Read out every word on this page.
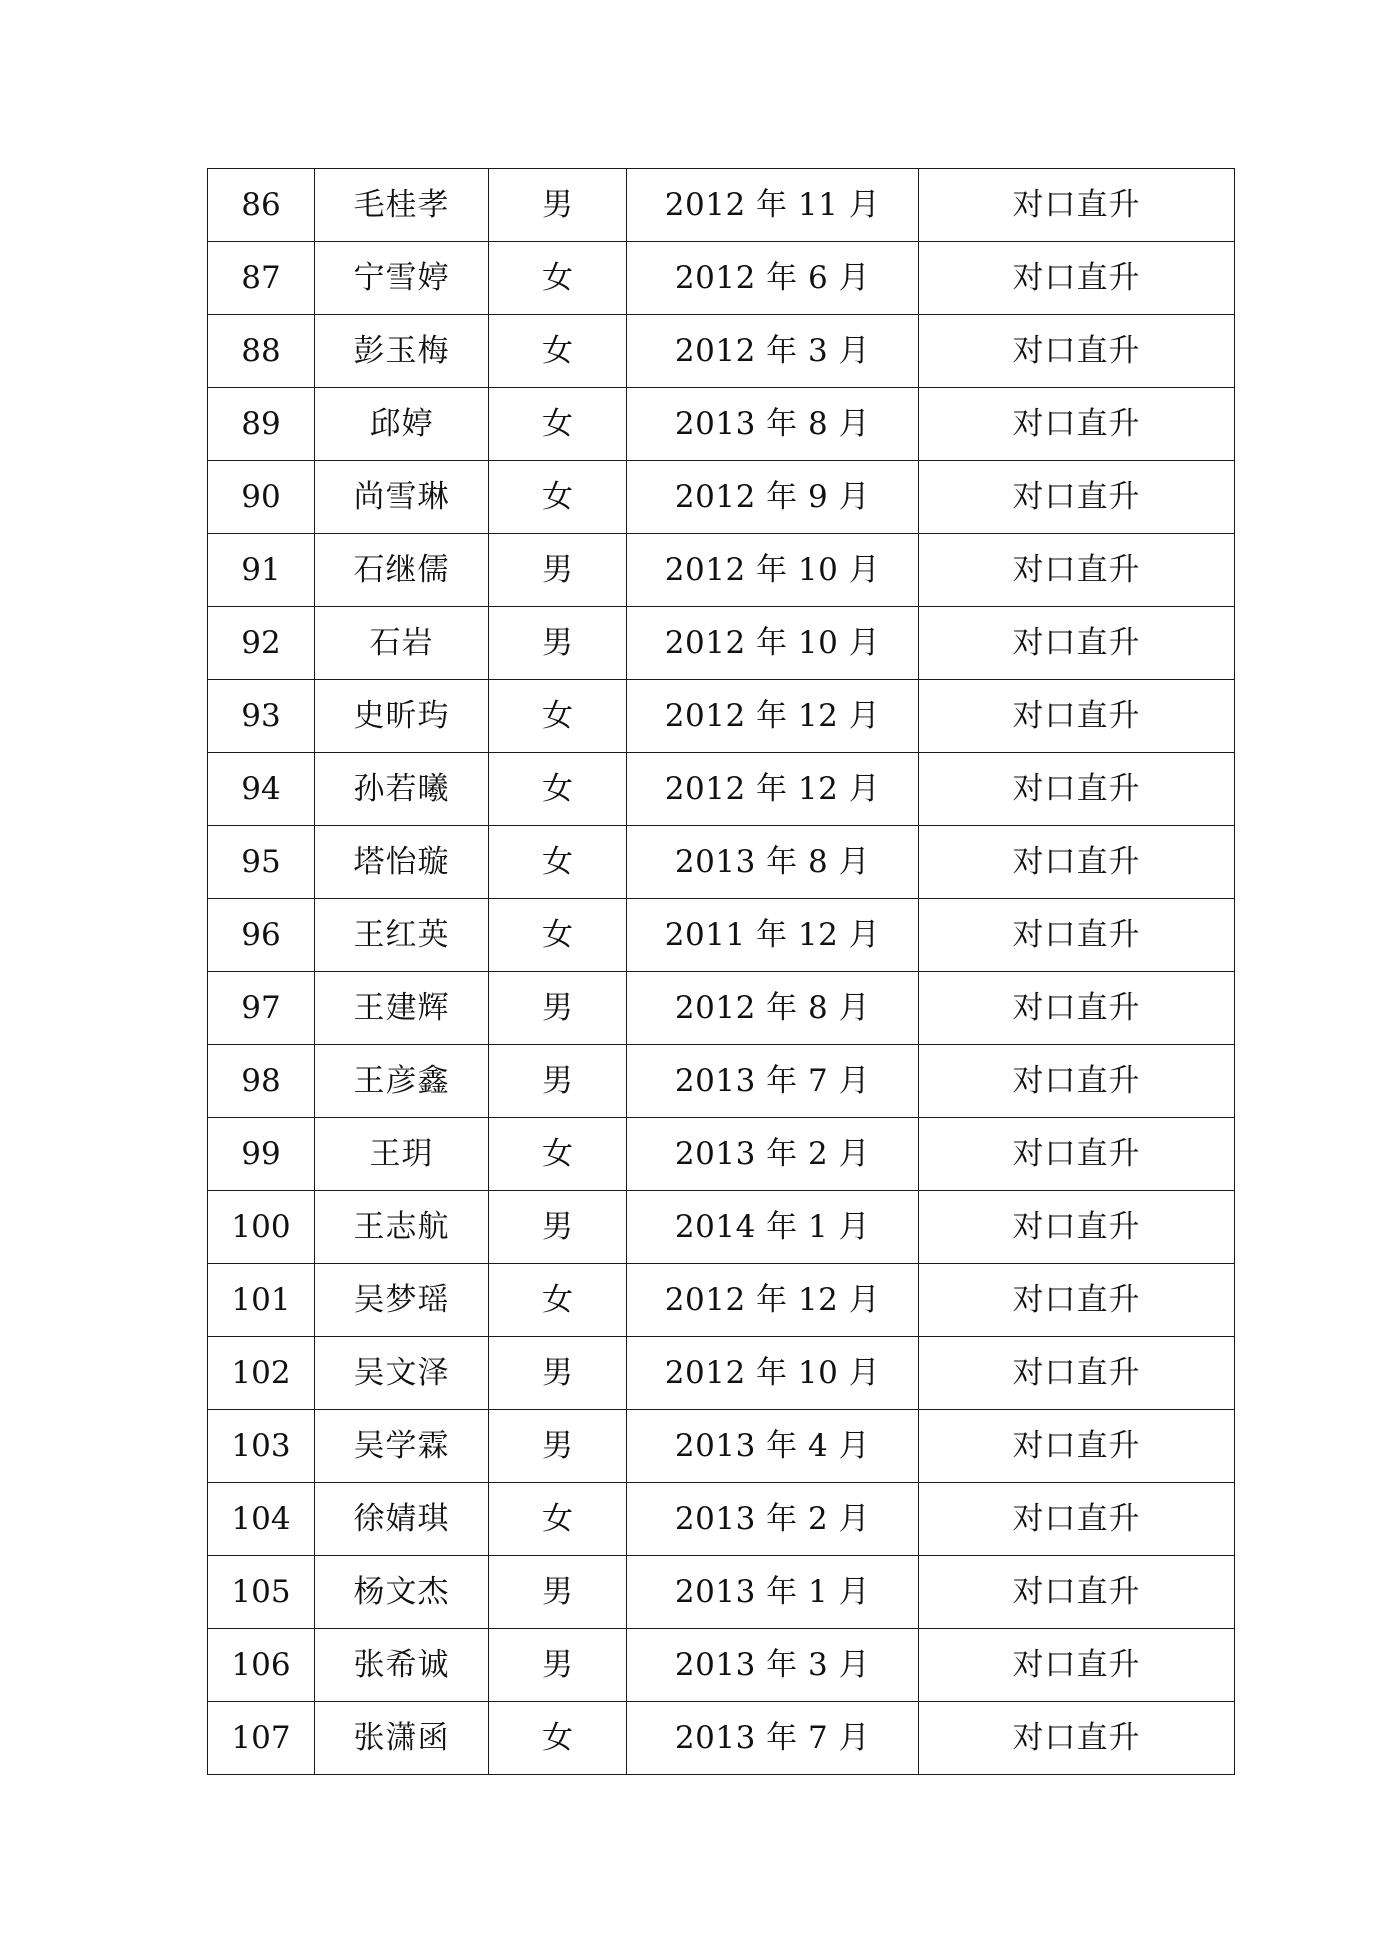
86	毛桂孝	男	2012 年 11 月	对口直升
87	宁雪婷	女	2012 年 6 月	对口直升
88	彭玉梅	女	2012 年 3 月	对口直升
89	邱婷	女	2013 年 8 月	对口直升
90	尚雪琳	女	2012 年 9 月	对口直升
91	石继儒	男	2012 年 10 月	对口直升
92	石岩	男	2012 年 10 月	对口直升
93	史昕玙	女	2012 年 12 月	对口直升
94	孙若曦	女	2012 年 12 月	对口直升
95	塔怡璇	女	2013 年 8 月	对口直升
96	王红英	女	2011 年 12 月	对口直升
97	王建辉	男	2012 年 8 月	对口直升
98	王彦鑫	男	2013 年 7 月	对口直升
99	王玥	女	2013 年 2 月	对口直升
100	王志航	男	2014 年 1 月	对口直升
101	吴梦瑶	女	2012 年 12 月	对口直升
102	吴文泽	男	2012 年 10 月	对口直升
103	吴学霖	男	2013 年 4 月	对口直升
104	徐婧琪	女	2013 年 2 月	对口直升
105	杨文杰	男	2013 年 1 月	对口直升
106	张希诚	男	2013 年 3 月	对口直升
107	张潇函	女	2013 年 7 月	对口直升
